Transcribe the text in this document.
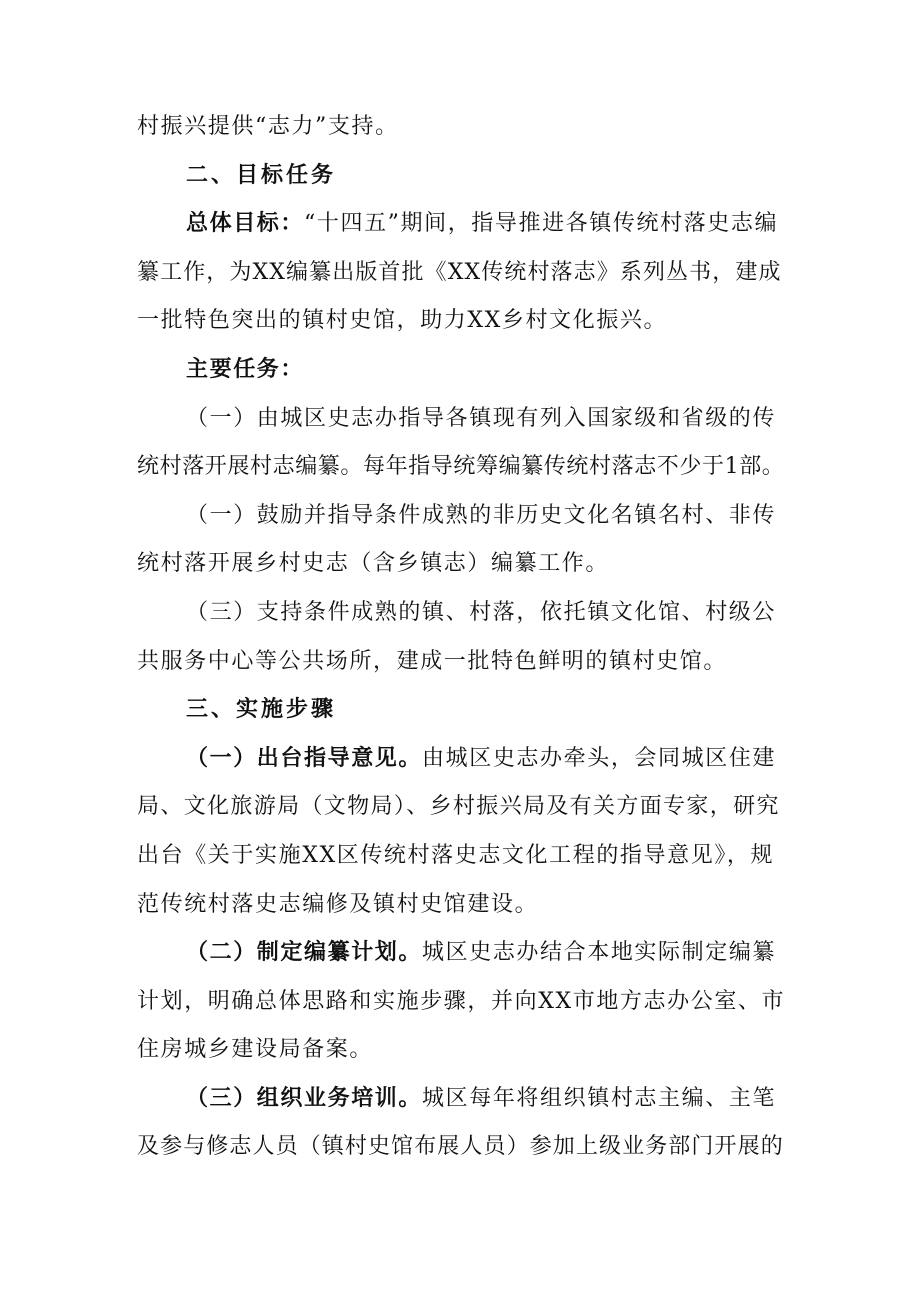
村振兴提供“志力”支持。

二、目标任务

总体目标：“十四五”期间，指导推进各镇传统村落史志编

纂工作，为XX编纂出版首批《XX传统村落志》系列丛书，建成

一批特色突出的镇村史馆，助力XX乡村文化振兴。

主要任务：

（一）由城区史志办指导各镇现有列入国家级和省级的传

统村落开展村志编纂。每年指导统筹编纂传统村落志不少于1部。

（一）鼓励并指导条件成熟的非历史文化名镇名村、非传

统村落开展乡村史志（含乡镇志）编纂工作。

（三）支持条件成熟的镇、村落，依托镇文化馆、村级公

共服务中心等公共场所，建成一批特色鲜明的镇村史馆。

三、实施步骤

（一）出台指导意见。由城区史志办牵头，会同城区住建

局、文化旅游局（文物局）、乡村振兴局及有关方面专家，研究

出台《关于实施XX区传统村落史志文化工程的指导意见》，规

范传统村落史志编修及镇村史馆建设。

（二）制定编纂计划。城区史志办结合本地实际制定编纂

计划，明确总体思路和实施步骤，并向XX市地方志办公室、市

住房城乡建设局备案。

（三）组织业务培训。城区每年将组织镇村志主编、主笔

及参与修志人员（镇村史馆布展人员）参加上级业务部门开展的
